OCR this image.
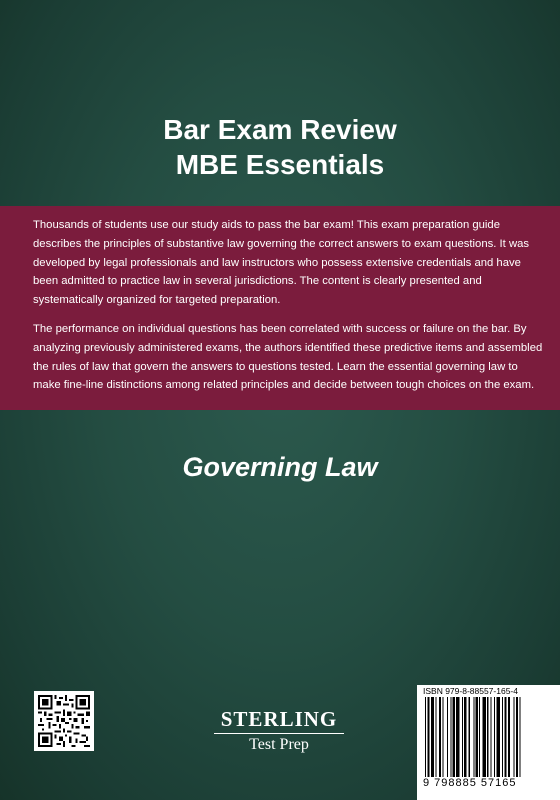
Bar Exam Review
MBE Essentials

Thousands of students use our study aids to pass the bar exam! This exam preparation guide describes the principles of substantive law governing the correct answers to exam questions. It was developed by legal professionals and law instructors who possess extensive credentials and have been admitted to practice law in several jurisdictions. The content is clearly presented and systematically organized for targeted preparation.

The performance on individual questions has been correlated with success or failure on the bar. By analyzing previously administered exams, the authors identified these predictive items and assembled the rules of law that govern the answers to questions tested. Learn the essential governing law to make fine-line distinctions among related principles and decide between tough choices on the exam.

Governing Law
STERLING
Test Prep
ISBN 979-8-88557-165-4
9 798885 57165
